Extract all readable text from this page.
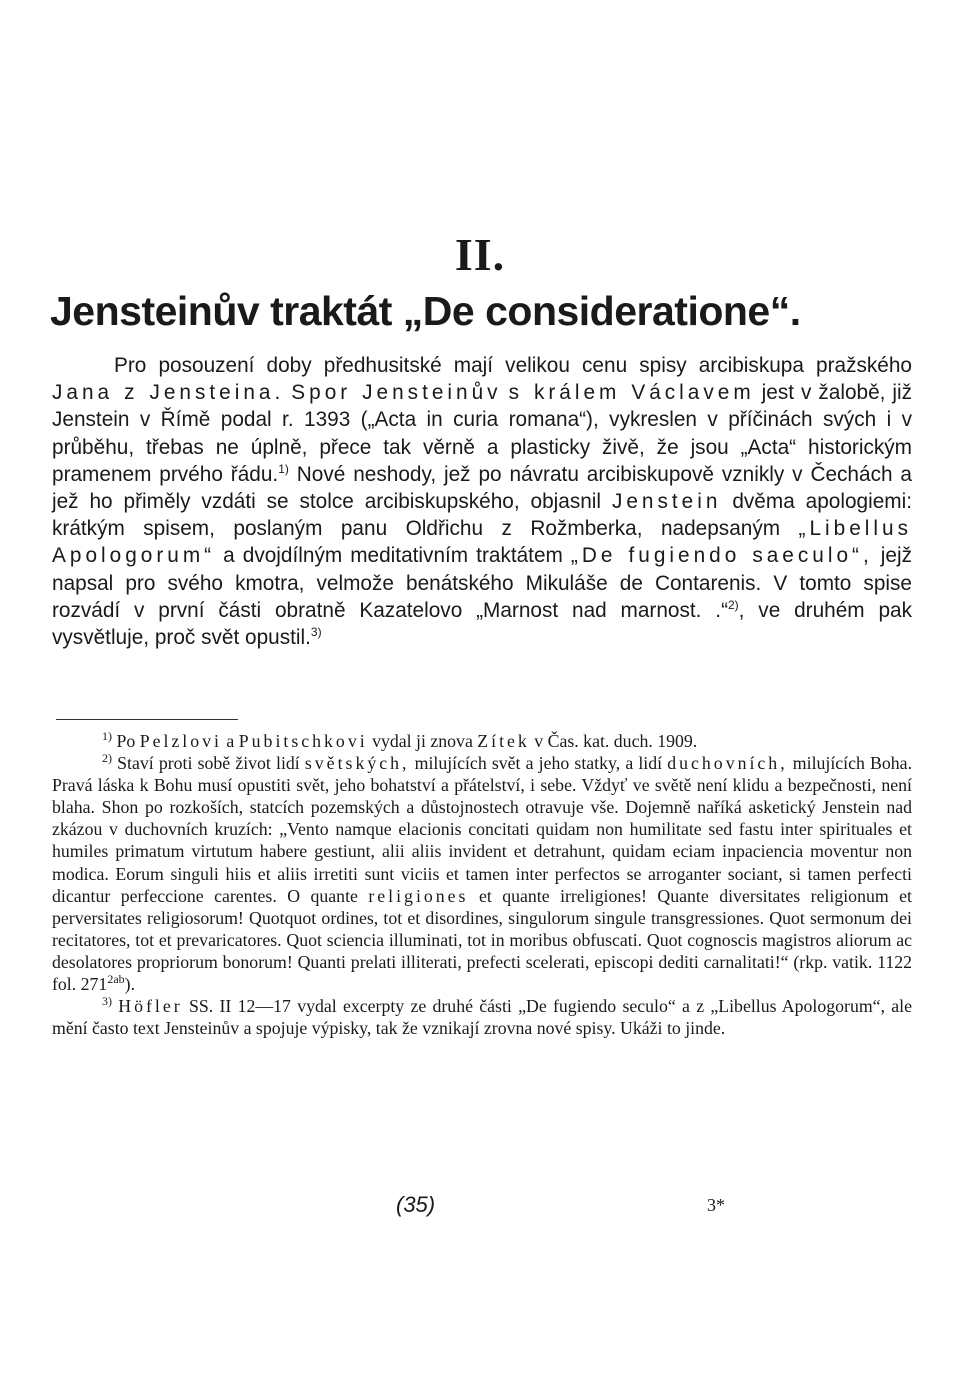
II.
Jensteinův traktát „De consideratione“.

Pro posouzení doby předhusitské mají velikou cenu spisy arcibiskupa pražského Jana z Jensteina. Spor Jensteinův s králem Václavem jest v žalobě, již Jenstein v Římě podal r. 1393 („Acta in curia romana“), vykreslen v příčinách svých i v průběhu, třebas ne úplně, přece tak věrně a plasticky živě, že jsou „Acta“ historickým pramenem prvého řádu.$^{1)}$ Nové neshody, jež po návratu arcibiskupově vznikly v Čechách a jež ho přiměly vzdáti se stolce arcibiskupského, objasnil Jenstein dvěma apologiemi: krátkým spisem, poslaným panu Oldřichu z Rožmberka, nadepsaným „Libellus Apologorum“ a dvojdílným meditativním traktátem „De fugiendo saeculo“, jejž napsal pro svého kmotra, velmože benátského Mikuláše de Contarenis. V tomto spise rozvádí v první části obratně Kazatelovo „Marnost nad marnost. .“$^{2)}$, ve druhém pak vysvětluje, proč svět opustil.$^{3)}$

$^{1)}$ Po Pelzlovi a Pubitschkovi vydal ji znova Zítek v Čas. kat. duch. 1909.

$^{2)}$ Staví proti sobě život lidí světských, milujících svět a jeho statky, a lidí duchovních, milujících Boha. Pravá láska k Bohu musí opustiti svět, jeho bohatství a přátelství, i sebe. Vždyť ve světě není klidu a bezpečnosti, není blaha. Shon po rozkoších, statcích pozemských a důstojnostech otravuje vše. Dojemně naříká asketický Jenstein nad zkázou v duchovních kruzích: „Vento namque elacionis concitati quidam non humilitate sed fastu inter spirituales et humiles primatum virtutum habere gestiunt, alii aliis invident et detrahunt, quidam eciam inpaciencia moventur non modica. Eorum singuli hiis et aliis irretiti sunt viciis et tamen inter perfectos se arroganter sociant, si tamen perfecti dicantur perfeccione carentes. O quante religiones et quante irreligiones! Quante diversitates religionum et perversitates religiosorum! Quotquot ordines, tot et disordines, singulorum singule transgressiones. Quot sermonum dei recitatores, tot et prevaricatores. Quot sciencia illuminati, tot in moribus obfuscati. Quot cognoscis magistros aliorum ac desolatores propriorum bonorum! Quanti prelati illiterati, prefecti scelerati, episcopi dediti carnalitati!“ (rkp. vatik. 1122 fol. $271^{2ab}$).

$^{3)}$ Höfler SS. II 12—17 vydal excerpty ze druhé části „De fugiendo seculo“ a z „Libellus Apologorum“, ale mění často text Jensteinův a spojuje výpisky, tak že vznikají zrovna nové spisy. Ukáži to jinde.

(35)	3*
